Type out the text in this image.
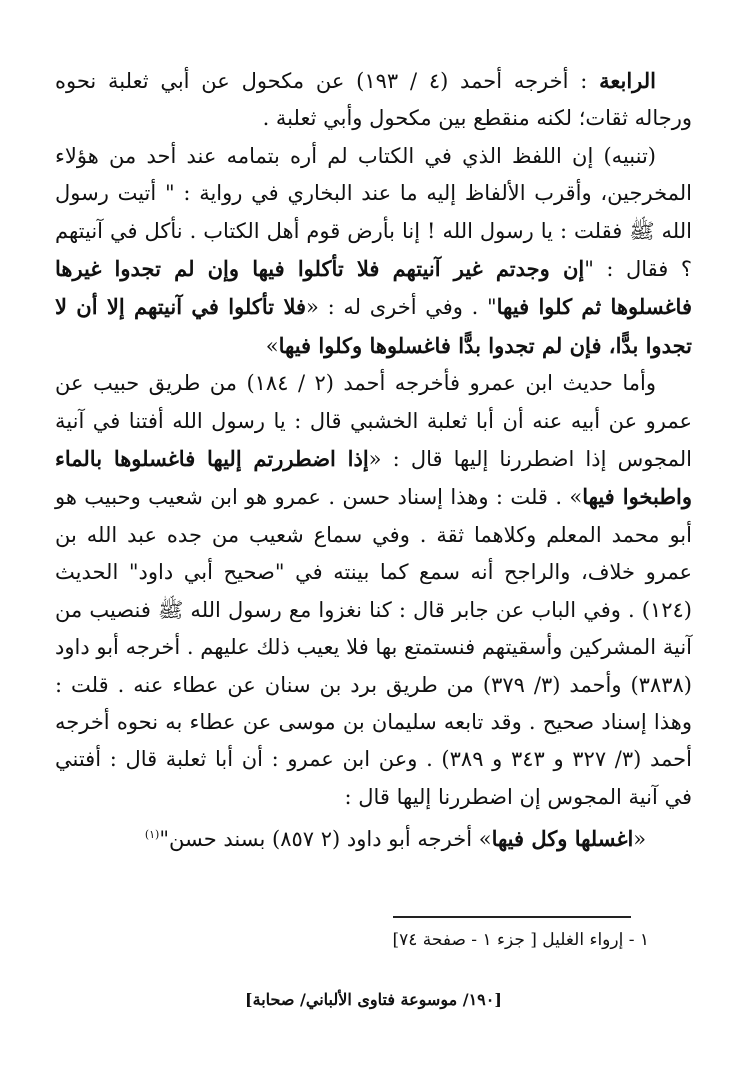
الرابعة : أخرجه أحمد (٤ / ١٩٣) عن مكحول عن أبي ثعلبة نحوه ورجاله ثقات؛ لكنه منقطع بين مكحول وأبي ثعلبة .

(تنبيه) إن اللفظ الذي في الكتاب لم أره بتمامه عند أحد من هؤلاء المخرجين، وأقرب الألفاظ إليه ما عند البخاري في رواية : " أتيت رسول الله ﷺ فقلت : يا رسول الله ! إنا بأرض قوم أهل الكتاب . نأكل في آنيتهم ؟ فقال : "إن وجدتم غير آنيتهم فلا تأكلوا فيها وإن لم تجدوا غيرها فاغسلوها ثم كلوا فيها" . وفي أخرى له : «فلا تأكلوا في آنيتهم إلا أن لا تجدوا بدًّا، فإن لم تجدوا بدًّا فاغسلوها وكلوا فيها»

وأما حديث ابن عمرو فأخرجه أحمد (٢ / ١٨٤) من طريق حبيب عن عمرو عن أبيه عنه أن أبا ثعلبة الخشبي قال : يا رسول الله أفتنا في آنية المجوس إذا اضطررنا إليها قال : «إذا اضطررتم إليها فاغسلوها بالماء واطبخوا فيها» . قلت : وهذا إسناد حسن . عمرو هو ابن شعيب وحبيب هو أبو محمد المعلم وكلاهما ثقة . وفي سماع شعيب من جده عبد الله بن عمرو خلاف، والراجح أنه سمع كما بينته في "صحيح أبي داود" الحديث (١٢٤) . وفي الباب عن جابر قال : كنا نغزوا مع رسول الله ﷺ فنصيب من آنية المشركين وأسقيتهم فنستمتع بها فلا يعيب ذلك عليهم . أخرجه أبو داود (٣٨٣٨) وأحمد (٣/ ٣٧٩) من طريق برد بن سنان عن عطاء عنه . قلت : وهذا إسناد صحيح . وقد تابعه سليمان بن موسى عن عطاء به نحوه أخرجه أحمد (٣/ ٣٢٧ و ٣٤٣ و ٣٨٩) . وعن ابن عمرو : أن أبا ثعلبة قال : أفتني في آنية المجوس إن اضطررنا إليها قال :

«اغسلها وكل فيها» أخرجه أبو داود (٢ ٨٥٧) بسند حسن"$^{(١)}$

١ - إرواء الغليل [ جزء ١ - صفحة ٧٤]
[١٩٠/ موسوعة فتاوى الألباني/ صحابة]
